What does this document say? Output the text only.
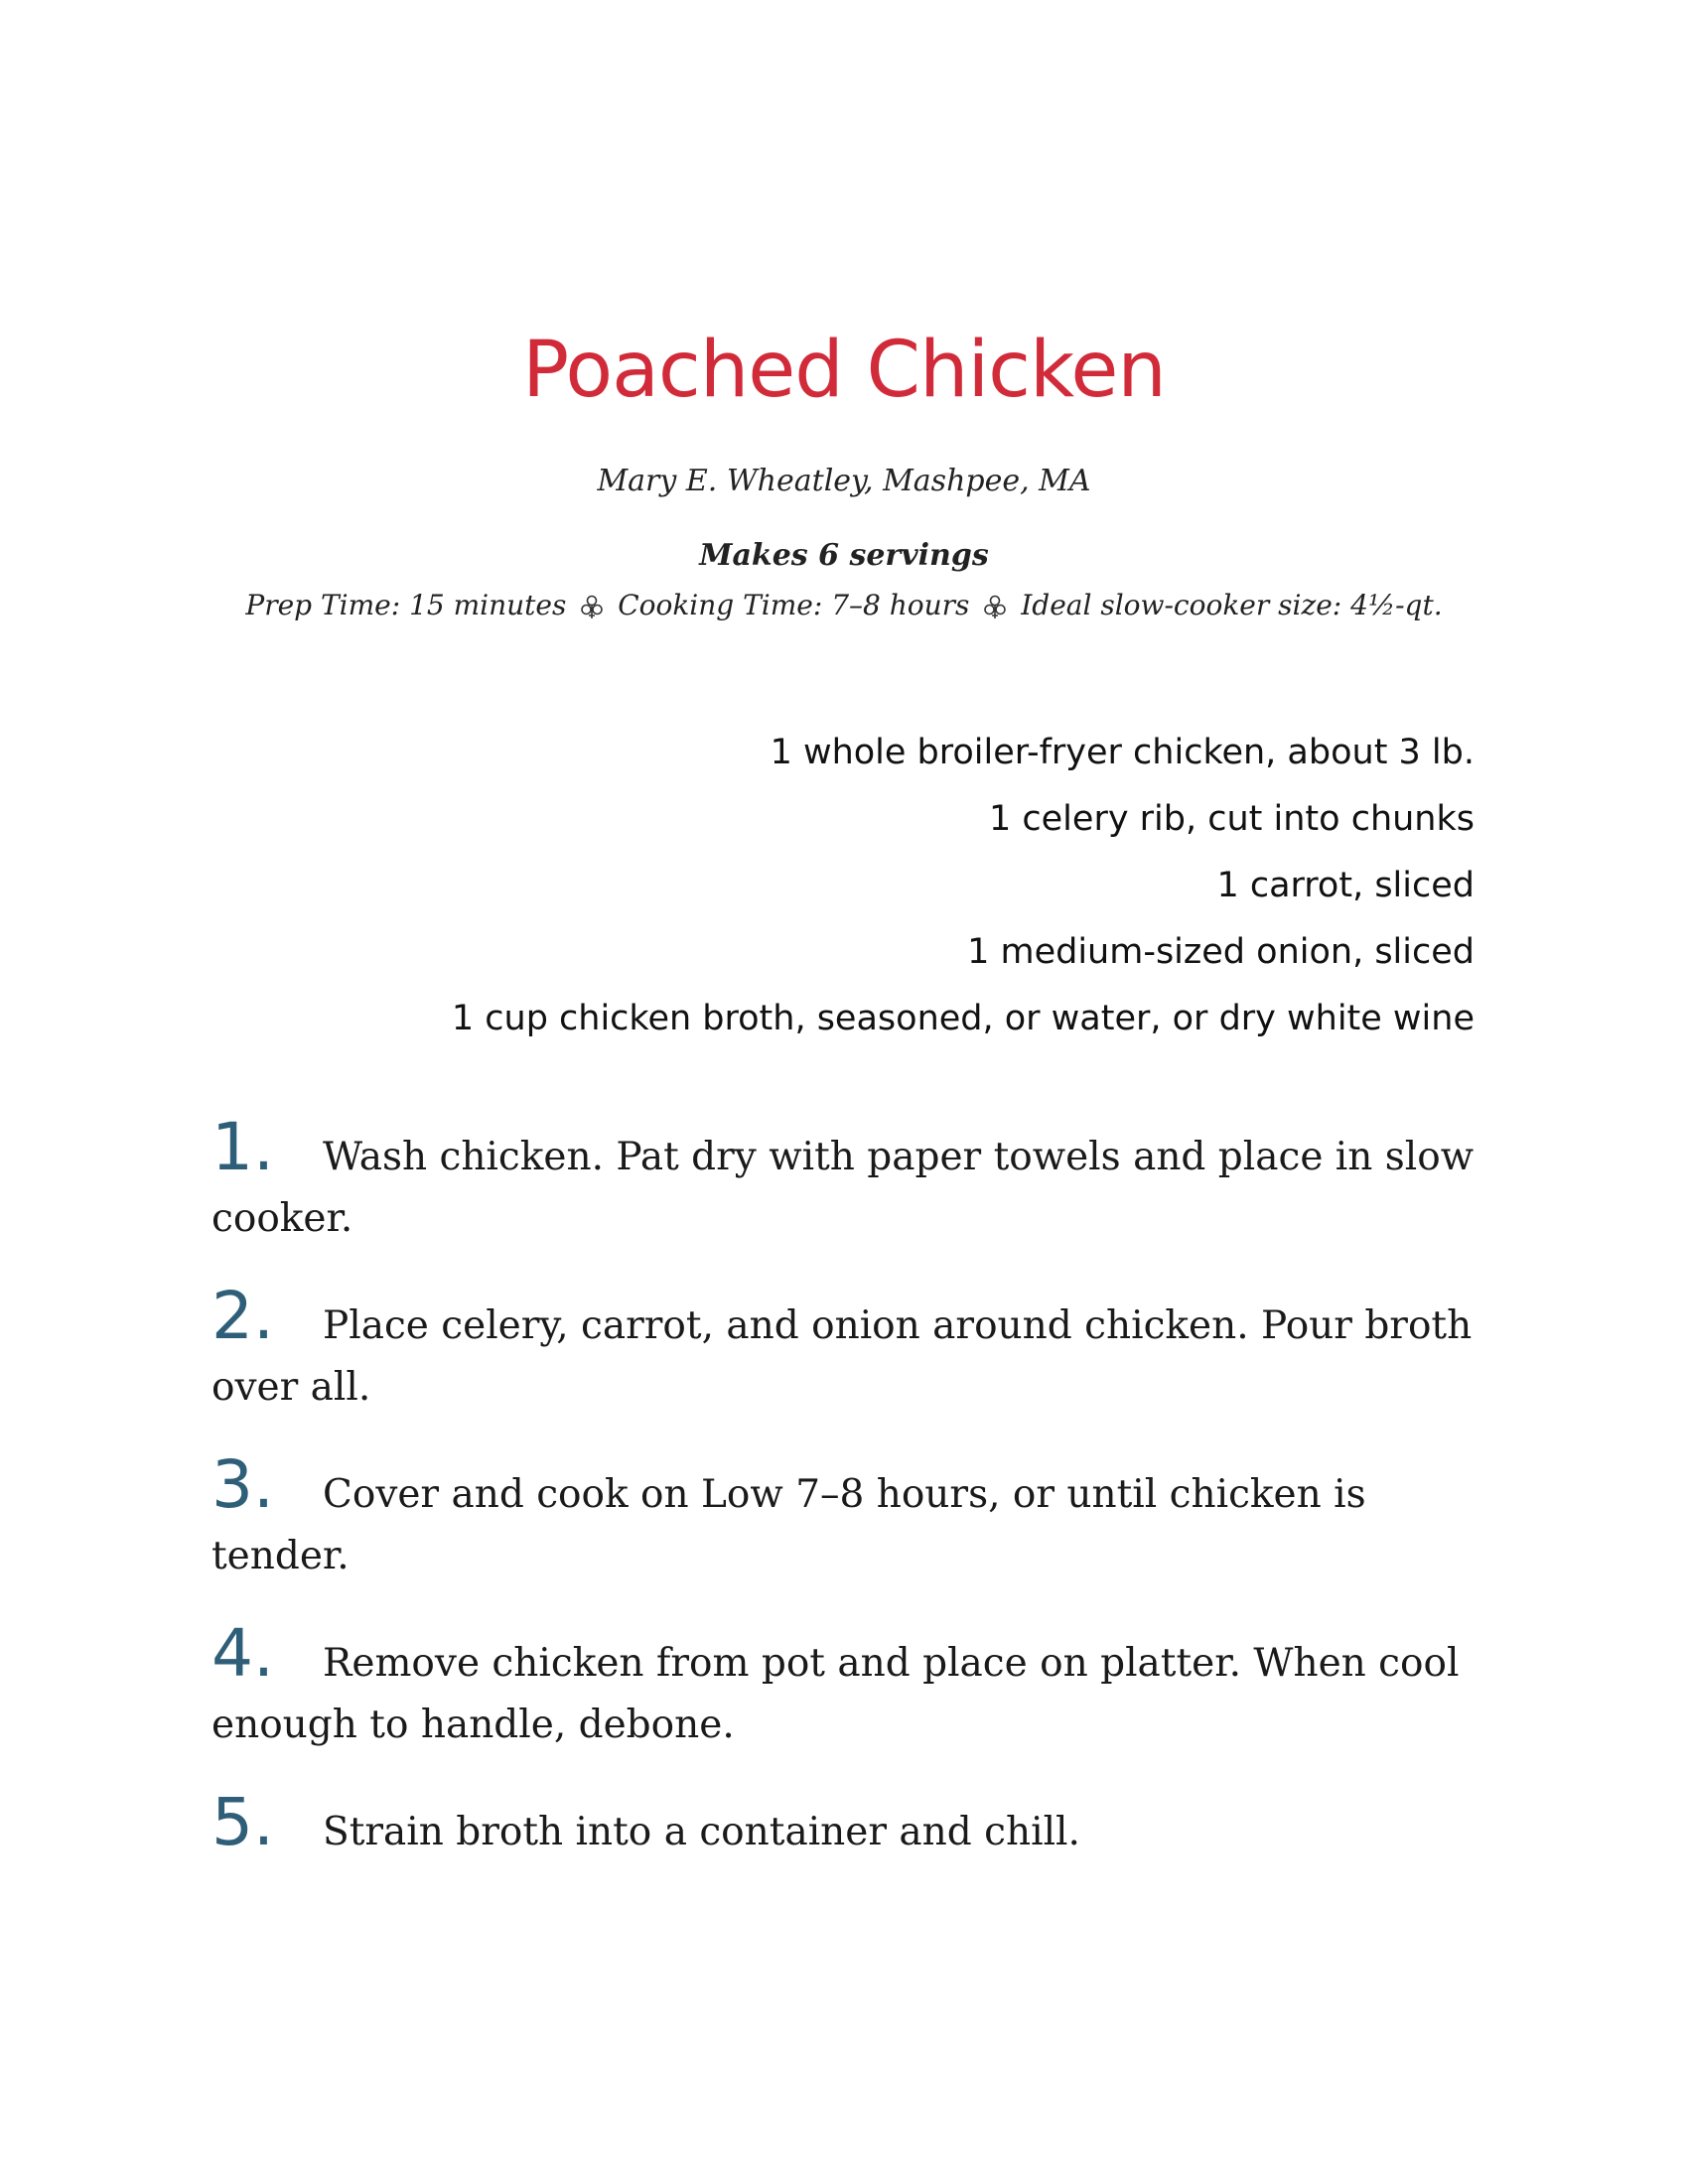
Poached Chicken
Mary E. Wheatley, Mashpee, MA
Makes 6 servings
Prep Time: 15 minutes Cooking Time: 7–8 hours Ideal slow-cooker size: 4½-qt.
1 whole broiler-fryer chicken, about 3 lb.
1 celery rib, cut into chunks
1 carrot, sliced
1 medium-sized onion, sliced
1 cup chicken broth, seasoned, or water, or dry white wine
1. Wash chicken. Pat dry with paper towels and place in slow cooker.
2. Place celery, carrot, and onion around chicken. Pour broth over all.
3. Cover and cook on Low 7–8 hours, or until chicken is tender.
4. Remove chicken from pot and place on platter. When cool enough to handle, debone.
5. Strain broth into a container and chill.
